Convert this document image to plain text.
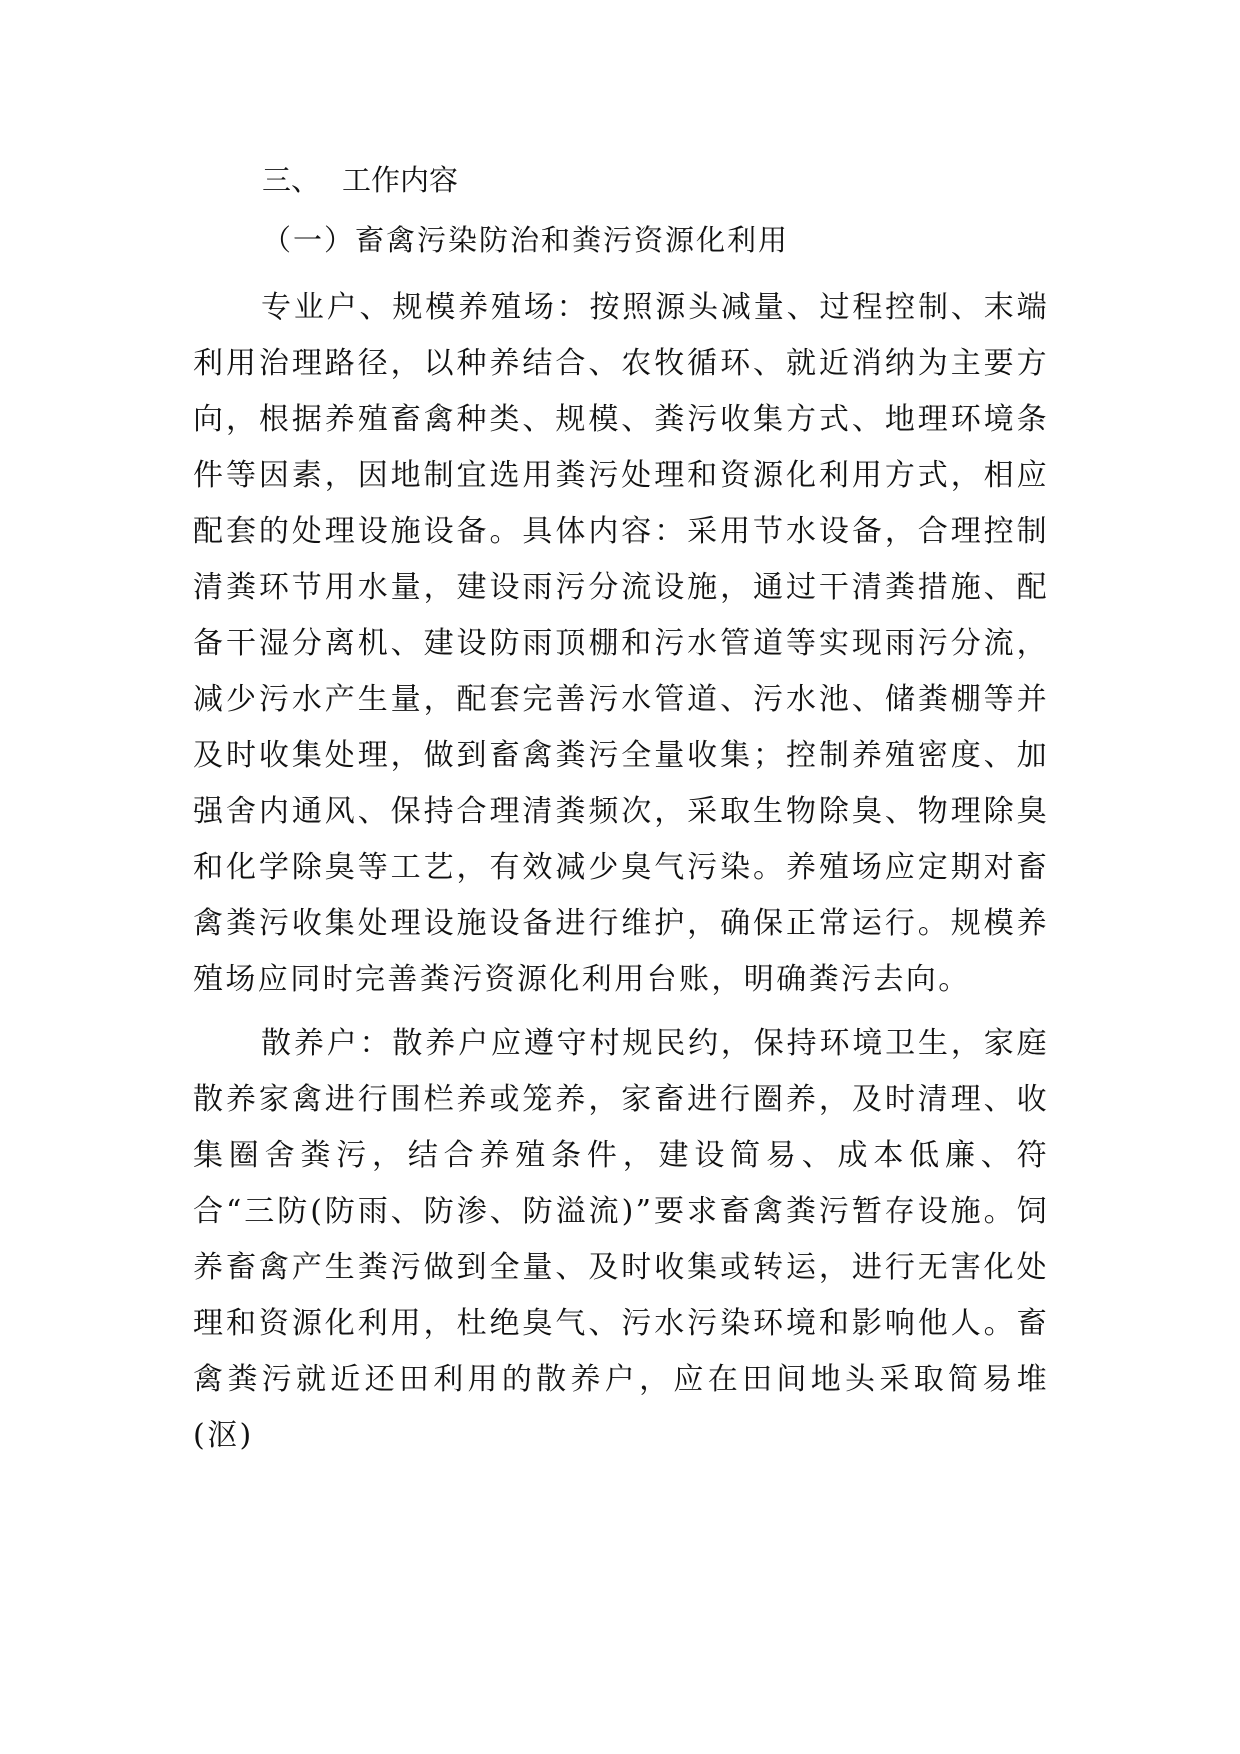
三、 工作内容
（一）畜禽污染防治和粪污资源化利用

专业户、规模养殖场：按照源头减量、过程控制、末端利用治理路径，以种养结合、农牧循环、就近消纳为主要方向，根据养殖畜禽种类、规模、粪污收集方式、地理环境条件等因素，因地制宜选用粪污处理和资源化利用方式，相应配套的处理设施设备。具体内容：采用节水设备，合理控制清粪环节用水量，建设雨污分流设施，通过干清粪措施、配备干湿分离机、建设防雨顶棚和污水管道等实现雨污分流，减少污水产生量，配套完善污水管道、污水池、储粪棚等并及时收集处理，做到畜禽粪污全量收集；控制养殖密度、加强舍内通风、保持合理清粪频次，采取生物除臭、物理除臭和化学除臭等工艺，有效减少臭气污染。养殖场应定期对畜禽粪污收集处理设施设备进行维护，确保正常运行。规模养殖场应同时完善粪污资源化利用台账，明确粪污去向。

散养户：散养户应遵守村规民约，保持环境卫生，家庭散养家禽进行围栏养或笼养，家畜进行圈养，及时清理、收集圈舍粪污，结合养殖条件，建设简易、成本低廉、符合“三防(防雨、防渗、防溢流)”要求畜禽粪污暂存设施。饲养畜禽产生粪污做到全量、及时收集或转运，进行无害化处理和资源化利用，杜绝臭气、污水污染环境和影响他人。畜禽粪污就近还田利用的散养户，应在田间地头采取简易堆(沤)
